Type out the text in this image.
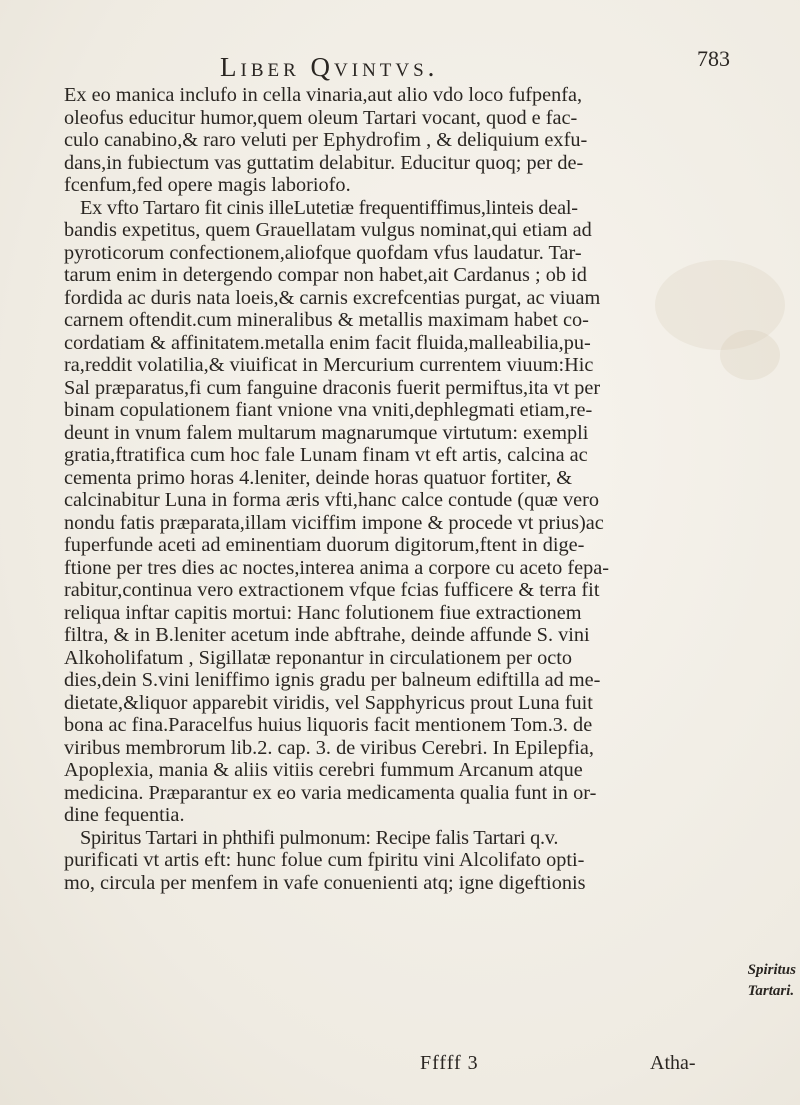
Liber Qvintvs.	783
Ex eo manica inclufo in cella vinaria,aut alio vdo loco fufpenfa,
oleofus educitur humor,quem oleum Tartari vocant, quod e fac-
culo canabino,& raro veluti per Ephydrofim , & deliquium exfu-
dans,in fubiectum vas guttatim delabitur. Educitur quoq; per de-
fcenfum,fed opere magis laboriofo.
Ex vfto Tartaro fit cinis illeLutetiæ frequentiffimus,linteis deal-
bandis expetitus, quem Grauellatam vulgus nominat,qui etiam ad
pyroticorum confectionem,aliofque quofdam vfus laudatur. Tar-
tarum enim in detergendo compar non habet,ait Cardanus ; ob id
fordida ac duris nata loeis,& carnis excrefcentias purgat, ac viuam
carnem oftendit.cum mineralibus & metallis maximam habet co-
cordatiam & affinitatem.metalla enim facit fluida,malleabilia,pu-
ra,reddit volatilia,& viuificat in Mercurium currentem viuum:Hic
Sal præparatus,fi cum fanguine draconis fuerit permiftus,ita vt per
binam copulationem fiant vnione vna vniti,dephlegmati etiam,re-
deunt in vnum falem multarum magnarumque virtutum: exempli
gratia,ftratifica cum hoc fale Lunam finam vt eft artis, calcina ac
cementa primo horas 4.leniter, deinde horas quatuor fortiter, &
calcinabitur Luna in forma æris vfti,hanc calce contude (quæ vero
nondu fatis præparata,illam viciffim impone & procede vt prius)ac
fuperfunde aceti ad eminentiam duorum digitorum,ftent in dige-
ftione per tres dies ac noctes,interea anima a corpore cu aceto fepa-
rabitur,continua vero extractionem vfque fcias fufficere & terra fit
reliqua inftar capitis mortui: Hanc folutionem fiue extractionem
filtra, & in B.leniter acetum inde abftrahe, deinde affunde S. vini
Alkoholifatum , Sigillatæ reponantur in circulationem per octo
dies,dein S.vini leniffimo ignis gradu per balneum ediftilla ad me-
dietate,&liquor apparebit viridis, vel Sapphyricus prout Luna fuit
bona ac fina.Paracelfus huius liquoris facit mentionem Tom.3. de
viribus membrorum lib.2. cap. 3. de viribus Cerebri. In Epilepfia,
Apoplexia, mania & aliis vitiis cerebri fummum Arcanum atque
medicina. Præparantur ex eo varia medicamenta qualia funt in or-
dine fequentia.
Spiritus Tartari in phthifi pulmonum: Recipe falis Tartari q.v.
purificati vt artis eft: hunc folue cum fpiritu vini Alcolifato opti-
mo, circula per menfem in vafe conuenienti atq; igne digeftionis
Spiritus
Tartari.
Fffff 3	Atha-
